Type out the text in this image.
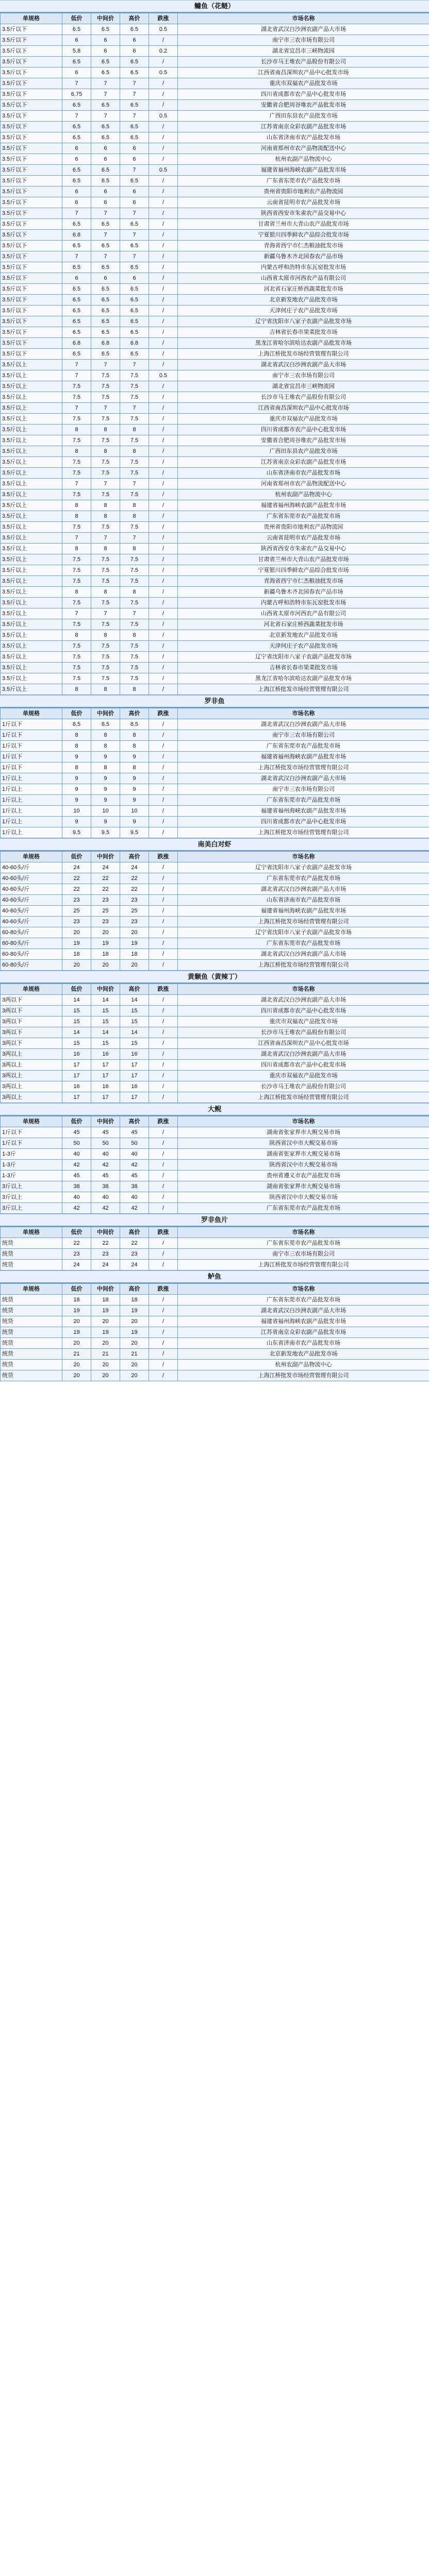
鳙鱼（花鲢）
单规格	低价	中间价	高价	跌涨	市场名称
3.5斤以下	6.5	6.5	6.5	0.5	湖北省武汉白沙洲农副产品大市场
3.5斤以下	6	6	6	/	南宁市三农市场有限公司
3.5斤以下	5.8	6	6	0.2	湖北省宜昌市三峡物流园
3.5斤以下	6.5	6.5	6.5	/	长沙市马王堆农产品股份有限公司
3.5斤以下	6	6.5	6.5	0.5	江西省南昌深圳农产品中心批发市场
3.5斤以下	7	7	7	/	重庆市双福农产品批发市场
3.5斤以下	6.75	7	7	/	四川省成都市农产品中心批发市场
3.5斤以下	6.5	6.5	6.5	/	安徽省合肥周谷堆农产品批发市场
3.5斤以下	7	7	7	0.5	广西田东县农产品批发市场
3.5斤以下	6.5	6.5	6.5	/	江苏省南京众彩农副产品批发市场
3.5斤以下	6.5	6.5	6.5	/	山东省济南市农产品批发市场
3.5斤以下	6	6	6	/	河南省郑州市农产品物流配送中心
3.5斤以下	6	6	6	/	杭州农副产品物流中心
3.5斤以下	6.5	6.5	7	0.5	福建省福州海峡农副产品批发市场
3.5斤以下	6.5	6.5	6.5	/	广东省东莞市农产品批发市场
3.5斤以下	6	6	6	/	贵州省贵阳市地利农产品物流园
3.5斤以下	6	6	6	/	云南省昆明市农产品批发市场
3.5斤以下	7	7	7	/	陕西省西安市朱雀农产品交易中心
3.5斤以下	6.5	6.5	6.5	/	甘肃省兰州市大青山农产品批发市场
3.5斤以下	6.8	7	7	/	宁夏银川四季鲜农产品综合批发市场
3.5斤以下	6.5	6.5	6.5	/	青海省西宁市仁杰粮油批发市场
3.5斤以下	7	7	7	/	新疆乌鲁木齐北园春农产品市场
3.5斤以下	6.5	6.5	6.5	/	内蒙古呼和浩特市东瓦窑批发市场
3.5斤以下	6	6	6	/	山西省太原市河西农产品有限公司
3.5斤以下	6.5	6.5	6.5	/	河北省石家庄桥西蔬菜批发市场
3.5斤以下	6.5	6.5	6.5	/	北京新发地农产品批发市场
3.5斤以下	6.5	6.5	6.5	/	天津何庄子农产品批发市场
3.5斤以下	6.5	6.5	6.5	/	辽宁省沈阳市八家子农副产品批发市场
3.5斤以下	6.5	6.5	6.5	/	吉林省长春市果菜批发市场
3.5斤以下	6.8	6.8	6.8	/	黑龙江省哈尔滨哈达农副产品批发市场
3.5斤以下	6.5	6.5	6.5	/	上海江桥批发市场经营管理有限公司
3.5斤以上	7	7	7	/	湖北省武汉白沙洲农副产品大市场
3.5斤以上	7	7.5	7.5	0.5	南宁市三农市场有限公司
3.5斤以上	7.5	7.5	7.5	/	湖北省宜昌市三峡物流园
3.5斤以上	7.5	7.5	7.5	/	长沙市马王堆农产品股份有限公司
3.5斤以上	7	7	7	/	江西省南昌深圳农产品中心批发市场
3.5斤以上	7.5	7.5	7.5	/	重庆市双福农产品批发市场
3.5斤以上	8	8	8	/	四川省成都市农产品中心批发市场
3.5斤以上	7.5	7.5	7.5	/	安徽省合肥周谷堆农产品批发市场
3.5斤以上	8	8	8	/	广西田东县农产品批发市场
3.5斤以上	7.5	7.5	7.5	/	江苏省南京众彩农副产品批发市场
3.5斤以上	7.5	7.5	7.5	/	山东省济南市农产品批发市场
3.5斤以上	7	7	7	/	河南省郑州市农产品物流配送中心
3.5斤以上	7.5	7.5	7.5	/	杭州农副产品物流中心
3.5斤以上	8	8	8	/	福建省福州海峡农副产品批发市场
3.5斤以上	8	8	8	/	广东省东莞市农产品批发市场
3.5斤以上	7.5	7.5	7.5	/	贵州省贵阳市地利农产品物流园
3.5斤以上	7	7	7	/	云南省昆明市农产品批发市场
3.5斤以上	8	8	8	/	陕西省西安市朱雀农产品交易中心
3.5斤以上	7.5	7.5	7.5	/	甘肃省兰州市大青山农产品批发市场
3.5斤以上	7.5	7.5	7.5	/	宁夏银川四季鲜农产品综合批发市场
3.5斤以上	7.5	7.5	7.5	/	青海省西宁市仁杰粮油批发市场
3.5斤以上	8	8	8	/	新疆乌鲁木齐北园春农产品市场
3.5斤以上	7.5	7.5	7.5	/	内蒙古呼和浩特市东瓦窑批发市场
3.5斤以上	7	7	7	/	山西省太原市河西农产品有限公司
3.5斤以上	7.5	7.5	7.5	/	河北省石家庄桥西蔬菜批发市场
3.5斤以上	8	8	8	/	北京新发地农产品批发市场
3.5斤以上	7.5	7.5	7.5	/	天津何庄子农产品批发市场
3.5斤以上	7.5	7.5	7.5	/	辽宁省沈阳市八家子农副产品批发市场
3.5斤以上	7.5	7.5	7.5	/	吉林省长春市果菜批发市场
3.5斤以上	7.5	7.5	7.5	/	黑龙江省哈尔滨哈达农副产品批发市场
3.5斤以上	8	8	8	/	上海江桥批发市场经营管理有限公司
罗非鱼
单规格	低价	中间价	高价	跌涨	市场名称
1斤以下	8.5	8.5	8.5	/	湖北省武汉白沙洲农副产品大市场
1斤以下	8	8	8	/	南宁市三农市场有限公司
1斤以下	8	8	8	/	广东省东莞市农产品批发市场
1斤以下	9	9	9	/	福建省福州海峡农副产品批发市场
1斤以下	8	8	8	/	上海江桥批发市场经营管理有限公司
1斤以上	9	9	9	/	湖北省武汉白沙洲农副产品大市场
1斤以上	9	9	9	/	南宁市三农市场有限公司
1斤以上	9	9	9	/	广东省东莞市农产品批发市场
1斤以上	10	10	10	/	福建省福州海峡农副产品批发市场
1斤以上	9	9	9	/	四川省成都市农产品中心批发市场
1斤以上	9.5	9.5	9.5	/	上海江桥批发市场经营管理有限公司
南美白对虾
单规格	低价	中间价	高价	跌涨	市场名称
40-60头/斤	24	24	24	/	辽宁省沈阳市八家子农副产品批发市场
40-60头/斤	22	22	22	/	广东省东莞市农产品批发市场
40-60头/斤	22	22	22	/	湖北省武汉白沙洲农副产品大市场
40-60头/斤	23	23	23	/	山东省济南市农产品批发市场
40-60头/斤	25	25	25	/	福建省福州海峡农副产品批发市场
40-60头/斤	23	23	23	/	上海江桥批发市场经营管理有限公司
60-80头/斤	20	20	20	/	辽宁省沈阳市八家子农副产品批发市场
60-80头/斤	19	19	19	/	广东省东莞市农产品批发市场
60-80头/斤	18	18	18	/	湖北省武汉白沙洲农副产品大市场
60-80头/斤	20	20	20	/	上海江桥批发市场经营管理有限公司
黄颡鱼（黄辣丁）
单规格	低价	中间价	高价	跌涨	市场名称
3两以下	14	14	14	/	湖北省武汉白沙洲农副产品大市场
3两以下	15	15	15	/	四川省成都市农产品中心批发市场
3两以下	15	15	15	/	重庆市双福农产品批发市场
3两以下	14	14	14	/	长沙市马王堆农产品股份有限公司
3两以下	15	15	15	/	江西省南昌深圳农产品中心批发市场
3两以上	16	16	16	/	湖北省武汉白沙洲农副产品大市场
3两以上	17	17	17	/	四川省成都市农产品中心批发市场
3两以上	17	17	17	/	重庆市双福农产品批发市场
3两以上	16	16	16	/	长沙市马王堆农产品股份有限公司
3两以上	17	17	17	/	上海江桥批发市场经营管理有限公司
大鲵
单规格	低价	中间价	高价	跌涨	市场名称
1斤以下	45	45	45	/	湖南省张家界市大鲵交易市场
1斤以下	50	50	50	/	陕西省汉中市大鲵交易市场
1-3斤	40	40	40	/	湖南省张家界市大鲵交易市场
1-3斤	42	42	42	/	陕西省汉中市大鲵交易市场
1-3斤	45	45	45	/	贵州省遵义市农产品批发市场
3斤以上	38	38	38	/	湖南省张家界市大鲵交易市场
3斤以上	40	40	40	/	陕西省汉中市大鲵交易市场
3斤以上	42	42	42	/	广东省东莞市农产品批发市场
罗非鱼片
单规格	低价	中间价	高价	跌涨	市场名称
统货	22	22	22	/	广东省东莞市农产品批发市场
统货	23	23	23	/	南宁市三农市场有限公司
统货	24	24	24	/	上海江桥批发市场经营管理有限公司
鲈鱼
单规格	低价	中间价	高价	跌涨	市场名称
统货	18	18	18	/	广东省东莞市农产品批发市场
统货	19	19	19	/	湖北省武汉白沙洲农副产品大市场
统货	20	20	20	/	福建省福州海峡农副产品批发市场
统货	19	19	19	/	江苏省南京众彩农副产品批发市场
统货	20	20	20	/	山东省济南市农产品批发市场
统货	21	21	21	/	北京新发地农产品批发市场
统货	20	20	20	/	杭州农副产品物流中心
统货	20	20	20	/	上海江桥批发市场经营管理有限公司
